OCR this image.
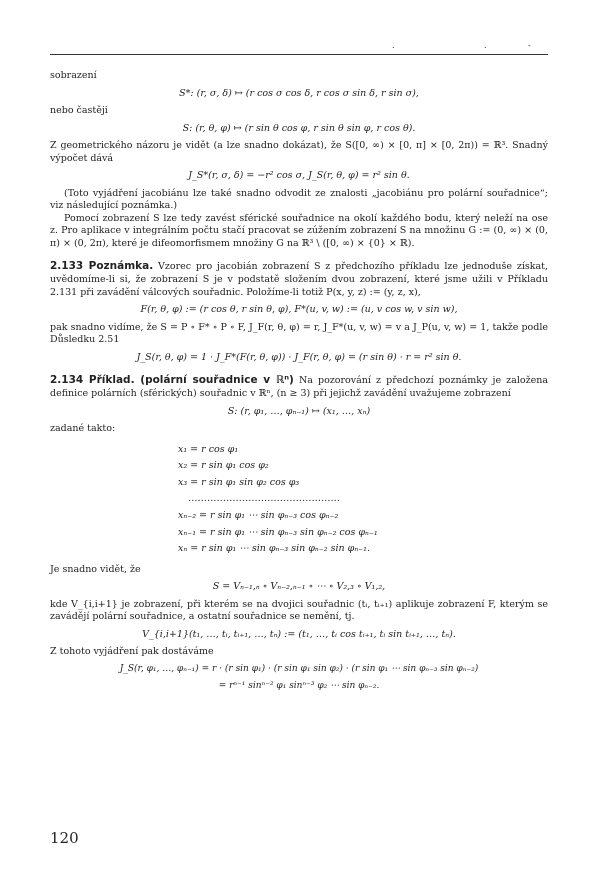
.	.	-

sobrazení

S*: (r, σ, δ) ↦ (r cos σ cos δ, r cos σ sin δ, r sin σ),

nebo častěji

S: (r, θ, φ) ↦ (r sin θ cos φ, r sin θ sin φ, r cos θ).

Z geometrického názoru je vidět (a lze snadno dokázat), že S([0, ∞) × [0, π] × [0, 2π)) = ℝ³. Snadný výpočet dává

J_S*(r, σ, δ) = −r² cos σ, J_S(r, θ, φ) = r² sin θ.

(Toto vyjádření jacobiánu lze také snadno odvodit ze znalosti „jacobiánu pro polární souřadnice“; viz následující poznámka.)

Pomocí zobrazení S lze tedy zavést sférické souřadnice na okolí každého bodu, který neleží na ose z. Pro aplikace v integrálním počtu stačí pracovat se zúžením zobrazení S na množinu G := (0, ∞) × (0, π) × (0, 2π), které je difeomorfismem množiny G na ℝ³ \ ([0, ∞) × {0} × ℝ).

2.133 Poznámka. Vzorec pro jacobián zobrazení S z předchozího příkladu lze jednoduše získat, uvědomíme-li si, že zobrazení S je v podstatě složením dvou zobrazení, které jsme užili v Příkladu 2.131 při zavádění válcových souřadnic. Položíme-li totiž P(x, y, z) := (y, z, x),

F(r, θ, φ) := (r cos θ, r sin θ, φ), F*(u, v, w) := (u, v cos w, v sin w),

pak snadno vidíme, že S = P ∘ F* ∘ P ∘ F, J_F(r, θ, φ) = r, J_F*(u, v, w) = v a J_P(u, v, w) = 1, takže podle Důsledku 2.51

J_S(r, θ, φ) = 1 · J_F*(F(r, θ, φ)) · J_F(r, θ, φ) = (r sin θ) · r = r² sin θ.

2.134 Příklad. (polární souřadnice v ℝⁿ) Na pozorování z předchozí poznámky je založena definice polárních (sférických) souřadnic v ℝⁿ, (n ≥ 3) při jejichž zavádění uvažujeme zobrazení

S: (r, φ₁, …, φₙ₋₁) ↦ (x₁, …, xₙ)

zadané takto:

x₁ = r cos φ₁
x₂ = r sin φ₁ cos φ₂
x₃ = r sin φ₁ sin φ₂ cos φ₃
…………………………………………
xₙ₋₂ = r sin φ₁ ⋯ sin φₙ₋₃ cos φₙ₋₂
xₙ₋₁ = r sin φ₁ ⋯ sin φₙ₋₃ sin φₙ₋₂ cos φₙ₋₁
xₙ = r sin φ₁ ⋯ sin φₙ₋₃ sin φₙ₋₂ sin φₙ₋₁.

Je snadno vidět, že

S = Vₙ₋₁,ₙ ∘ Vₙ₋₂,ₙ₋₁ ∘ ⋯ ∘ V₂,₃ ∘ V₁,₂,

kde V_{i,i+1} je zobrazení, při kterém se na dvojici souřadnic (tᵢ, tᵢ₊₁) aplikuje zobrazení F, kterým se zavádějí polární souřadnice, a ostatní souřadnice se nemění, tj.

V_{i,i+1}(t₁, …, tᵢ, tᵢ₊₁, …, tₙ) := (t₁, …, tᵢ cos tᵢ₊₁, tᵢ sin tᵢ₊₁, …, tₙ).

Z tohoto vyjádření pak dostáváme

J_S(r, φ₁, …, φₙ₋₁) = r · (r sin φ₁) · (r sin φ₁ sin φ₂) · (r sin φ₁ ⋯ sin φₙ₋₃ sin φₙ₋₂)
= rⁿ⁻¹ sinⁿ⁻² φ₁ sinⁿ⁻³ φ₂ ⋯ sin φₙ₋₂.
120
